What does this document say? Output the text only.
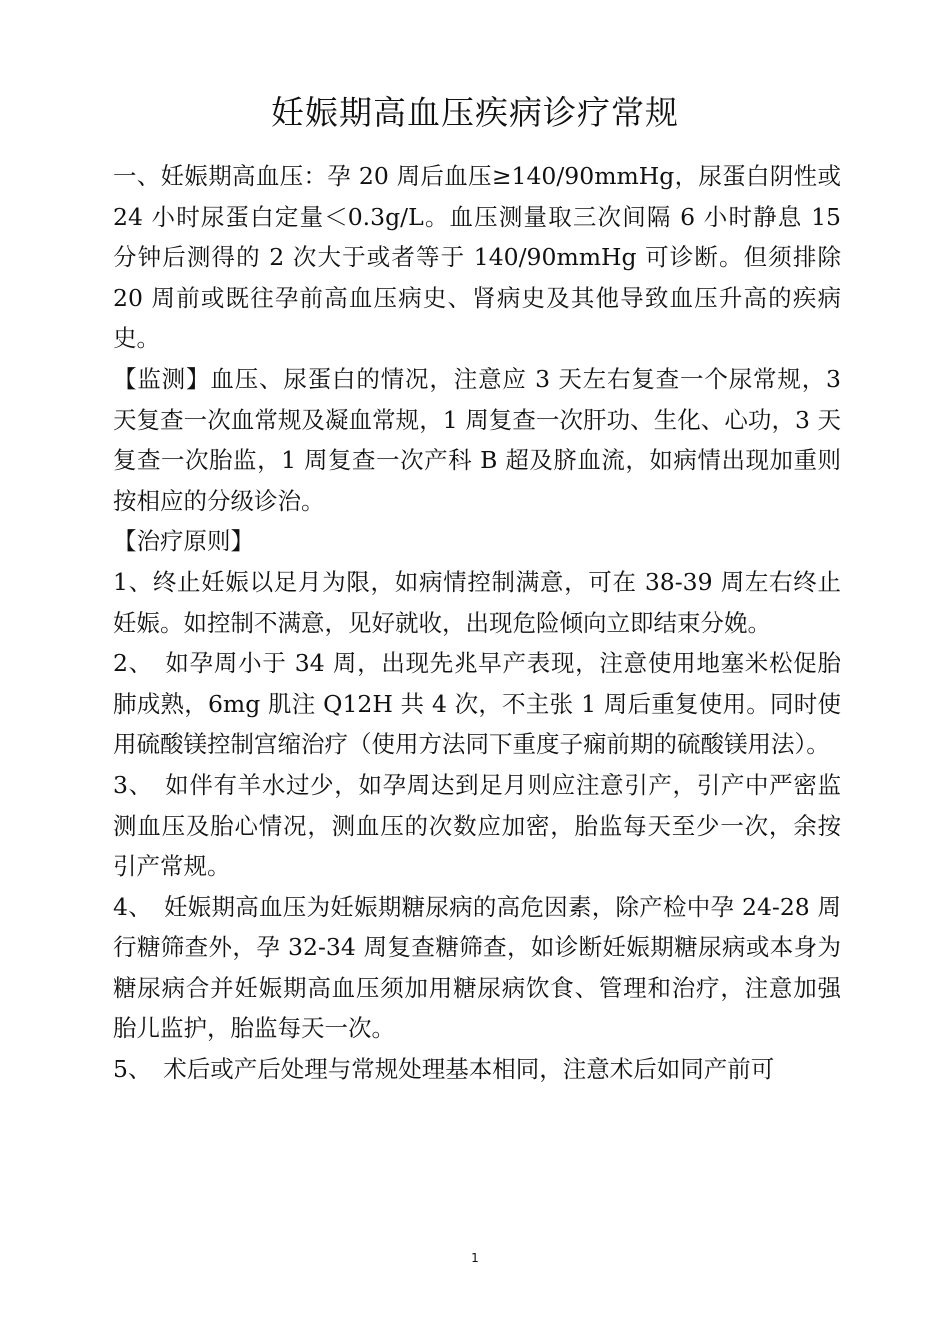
妊娠期高血压疾病诊疗常规

一、妊娠期高血压：孕 20 周后血压≥140/90mmHg，尿蛋白阴性或 24 小时尿蛋白定量＜0.3g/L。血压测量取三次间隔 6 小时静息 15 分钟后测得的 2 次大于或者等于 140/90mmHg 可诊断。但须排除 20 周前或既往孕前高血压病史、肾病史及其他导致血压升高的疾病史。

【监测】血压、尿蛋白的情况，注意应 3 天左右复查一个尿常规，3 天复查一次血常规及凝血常规，1 周复查一次肝功、生化、心功，3 天复查一次胎监，1 周复查一次产科 B 超及脐血流，如病情出现加重则按相应的分级诊治。

【治疗原则】

1、终止妊娠以足月为限，如病情控制满意，可在 38-39 周左右终止妊娠。如控制不满意，见好就收，出现危险倾向立即结束分娩。

2、　如孕周小于 34 周，出现先兆早产表现，注意使用地塞米松促胎肺成熟，6mg 肌注 Q12H 共 4 次，不主张 1 周后重复使用。同时使用硫酸镁控制宫缩治疗（使用方法同下重度子痫前期的硫酸镁用法）。

3、　如伴有羊水过少，如孕周达到足月则应注意引产，引产中严密监测血压及胎心情况，测血压的次数应加密，胎监每天至少一次，余按引产常规。

4、　妊娠期高血压为妊娠期糖尿病的高危因素，除产检中孕 24-28 周行糖筛查外，孕 32-34 周复查糖筛查，如诊断妊娠期糖尿病或本身为糖尿病合并妊娠期高血压须加用糖尿病饮食、管理和治疗，注意加强胎儿监护，胎监每天一次。

5、　术后或产后处理与常规处理基本相同，注意术后如同产前可

1
